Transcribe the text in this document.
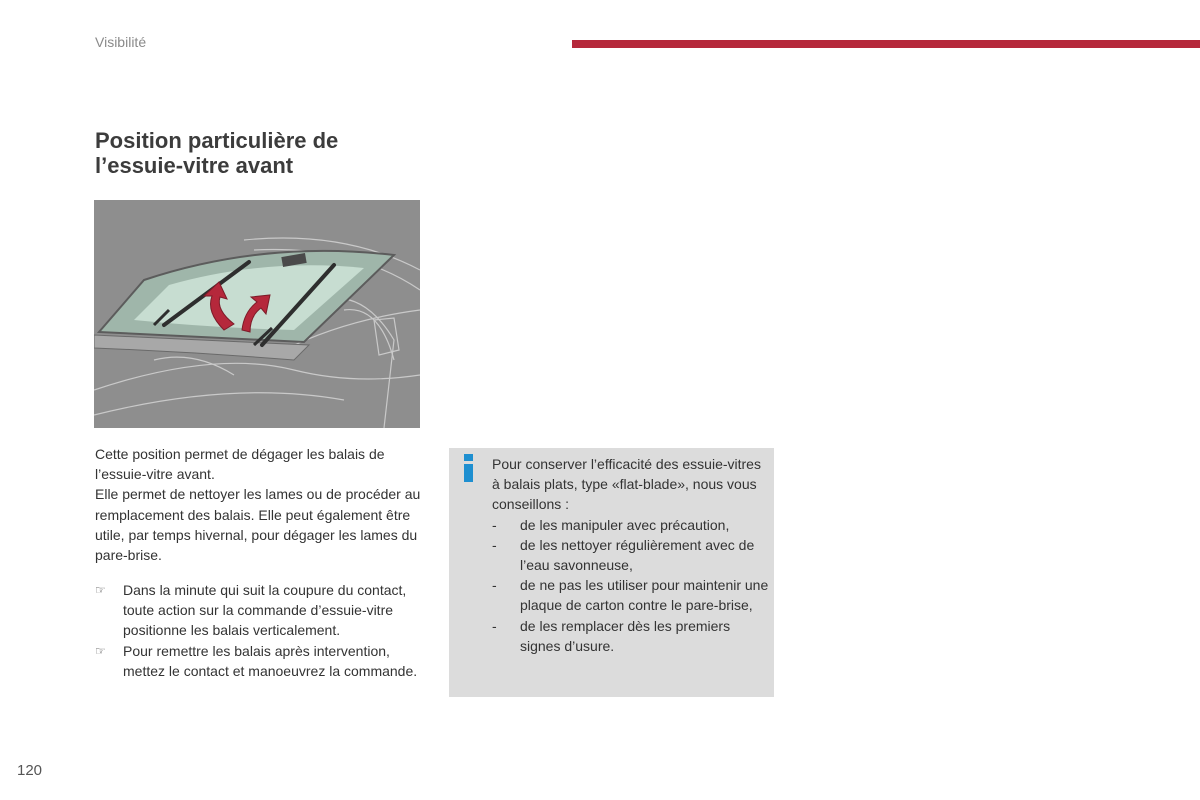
Visibilité
Position particulière de
l’essuie-vitre avant

Cette position permet de dégager les balais de l’essuie-vitre avant.

Elle permet de nettoyer les lames ou de procéder au remplacement des balais. Elle peut également être utile, par temps hivernal, pour dégager les lames du pare-brise.

☞ Dans la minute qui suit la coupure du contact, toute action sur la commande d’essuie-vitre positionne les balais verticalement.

☞ Pour remettre les balais après intervention, mettez le contact et manoeuvrez la commande.

Pour conserver l’efficacité des essuie-vitres à balais plats, type «flat-blade», nous vous conseillons :

- de les manipuler avec précaution,
- de les nettoyer régulièrement avec de l’eau savonneuse,
- de ne pas les utiliser pour maintenir une plaque de carton contre le pare-brise,
- de les remplacer dès les premiers signes d’usure.
120
